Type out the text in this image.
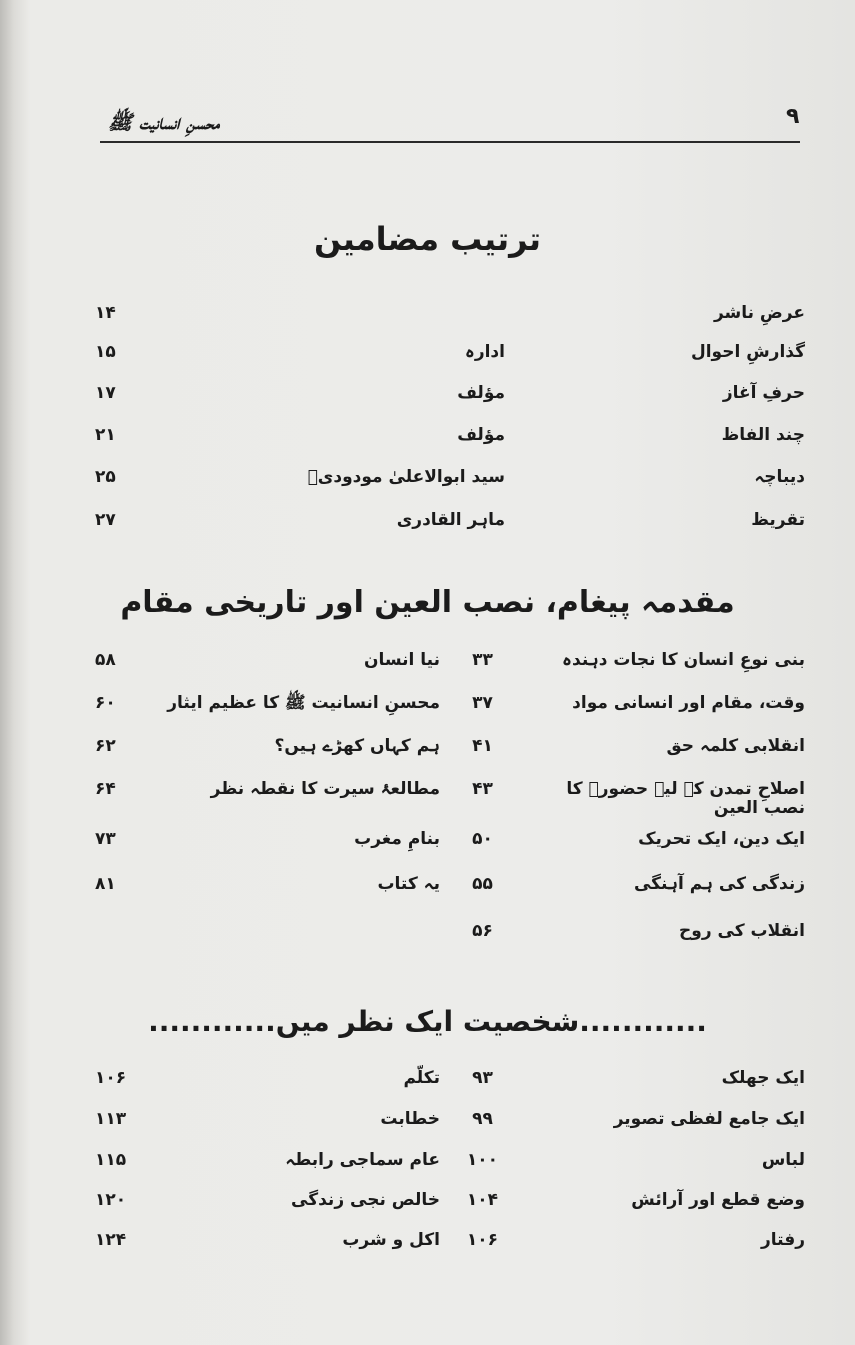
۹
محسنِ انسانیت ﷺ
ترتیب مضامین
عرضِ ناشر
۱۴
گذارشِ احوال
ادارہ
۱۵
حرفِ آغاز
مؤلف
۱۷
چند الفاظ
مؤلف
۲۱
دیباچہ
سید ابوالاعلیٰ مودودیؒ
۲۵
تقریظ
ماہر القادری
۲۷
مقدمہ پیغام، نصب العین اور تاریخی مقام
بنی نوعِ انسان کا نجات دہندہ
۳۳
نیا انسان
۵۸
وقت، مقام اور انسانی مواد
۳۷
محسنِ انسانیت ﷺ کا عظیم ایثار
۶۰
انقلابی کلمہ حق
۴۱
ہم کہاں کھڑے ہیں؟
۶۲
اصلاحِ تمدن کے لیے حضورؐ کا نصب العین
۴۳
مطالعۂ سیرت کا نقطہ نظر
۶۴
ایک دین، ایک تحریک
۵۰
بنامِ مغرب
۷۳
زندگی کی ہم آہنگی
۵۵
یہ کتاب
۸۱
انقلاب کی روح
۵۶
............شخصیت ایک نظر میں............
ایک جھلک
۹۳
تکلّم
۱۰۶
ایک جامع لفظی تصویر
۹۹
خطابت
۱۱۳
لباس
۱۰۰
عام سماجی رابطہ
۱۱۵
وضع قطع اور آرائش
۱۰۴
خالص نجی زندگی
۱۲۰
رفتار
۱۰۶
اکل و شرب
۱۲۴
